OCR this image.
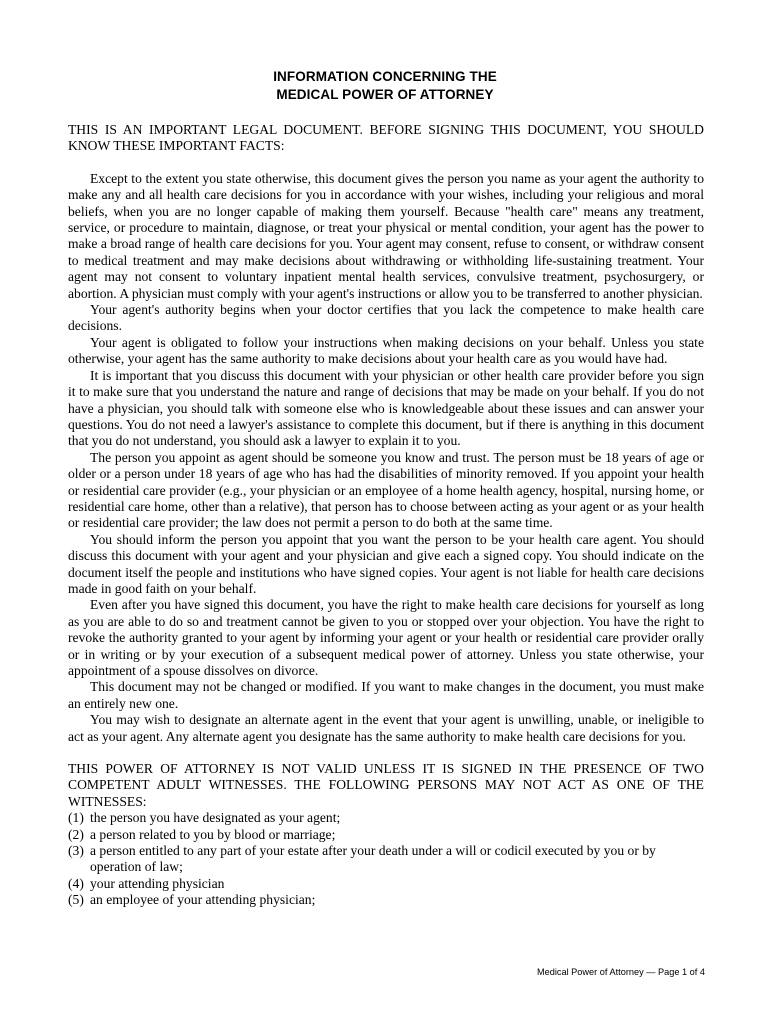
INFORMATION CONCERNING THE
MEDICAL POWER OF ATTORNEY

THIS IS AN IMPORTANT LEGAL DOCUMENT. BEFORE SIGNING THIS DOCUMENT, YOU SHOULD KNOW THESE IMPORTANT FACTS:

Except to the extent you state otherwise, this document gives the person you name as your agent the authority to make any and all health care decisions for you in accordance with your wishes, including your religious and moral beliefs, when you are no longer capable of making them yourself. Because "health care" means any treatment, service, or procedure to maintain, diagnose, or treat your physical or mental condition, your agent has the power to make a broad range of health care decisions for you. Your agent may consent, refuse to consent, or withdraw consent to medical treatment and may make decisions about withdrawing or withholding life-sustaining treatment. Your agent may not consent to voluntary inpatient mental health services, convulsive treatment, psychosurgery, or abortion. A physician must comply with your agent's instructions or allow you to be transferred to another physician.

Your agent's authority begins when your doctor certifies that you lack the competence to make health care decisions.

Your agent is obligated to follow your instructions when making decisions on your behalf. Unless you state otherwise, your agent has the same authority to make decisions about your health care as you would have had.

It is important that you discuss this document with your physician or other health care provider before you sign it to make sure that you understand the nature and range of decisions that may be made on your behalf. If you do not have a physician, you should talk with someone else who is knowledgeable about these issues and can answer your questions. You do not need a lawyer's assistance to complete this document, but if there is anything in this document that you do not understand, you should ask a lawyer to explain it to you.

The person you appoint as agent should be someone you know and trust. The person must be 18 years of age or older or a person under 18 years of age who has had the disabilities of minority removed. If you appoint your health or residential care provider (e.g., your physician or an employee of a home health agency, hospital, nursing home, or residential care home, other than a relative), that person has to choose between acting as your agent or as your health or residential care provider; the law does not permit a person to do both at the same time.

You should inform the person you appoint that you want the person to be your health care agent. You should discuss this document with your agent and your physician and give each a signed copy. You should indicate on the document itself the people and institutions who have signed copies. Your agent is not liable for health care decisions made in good faith on your behalf.

Even after you have signed this document, you have the right to make health care decisions for yourself as long as you are able to do so and treatment cannot be given to you or stopped over your objection. You have the right to revoke the authority granted to your agent by informing your agent or your health or residential care provider orally or in writing or by your execution of a subsequent medical power of attorney. Unless you state otherwise, your appointment of a spouse dissolves on divorce.

This document may not be changed or modified. If you want to make changes in the document, you must make an entirely new one.

You may wish to designate an alternate agent in the event that your agent is unwilling, unable, or ineligible to act as your agent. Any alternate agent you designate has the same authority to make health care decisions for you.

THIS POWER OF ATTORNEY IS NOT VALID UNLESS IT IS SIGNED IN THE PRESENCE OF TWO COMPETENT ADULT WITNESSES. THE FOLLOWING PERSONS MAY NOT ACT AS ONE OF THE WITNESSES:

(1) the person you have designated as your agent;
(2) a person related to you by blood or marriage;
(3) a person entitled to any part of your estate after your death under a will or codicil executed by you or by operation of law;
(4) your attending physician
(5) an employee of your attending physician;
Medical Power of Attorney — Page 1 of 4
